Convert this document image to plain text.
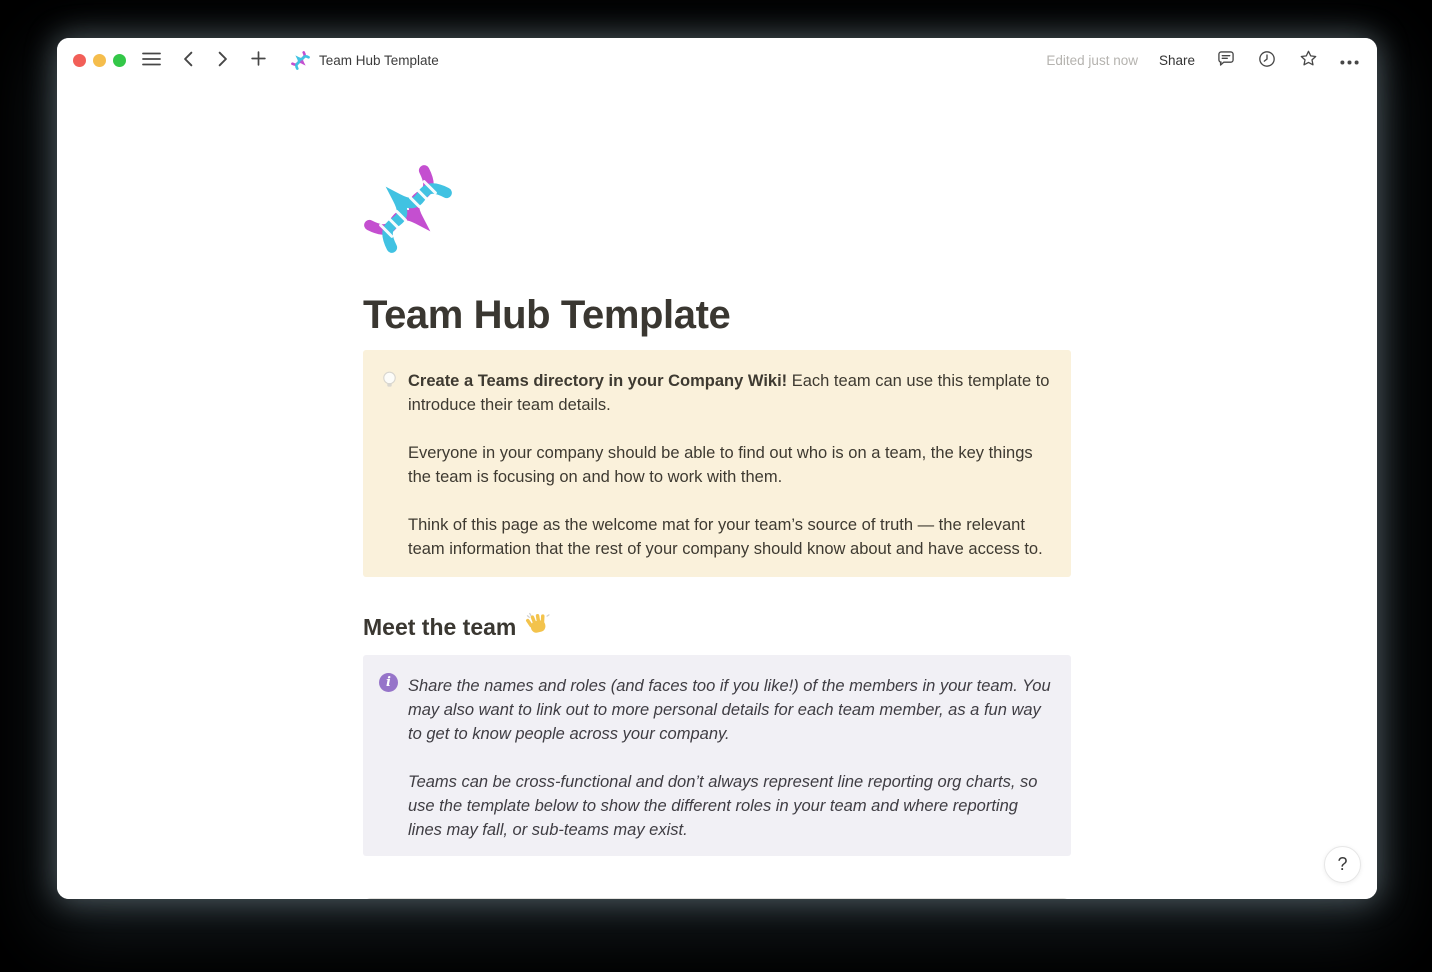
Team Hub Template	Edited just now Share
Team Hub Template

Create a Teams directory in your Company Wiki! Each team can use this template to introduce their team details.

Everyone in your company should be able to find out who is on a team, the key things the team is focusing on and how to work with them.

Think of this page as the welcome mat for your team’s source of truth — the relevant team information that the rest of your company should know about and have access to.

Meet the team
i	Share the names and roles (and faces too if you like!) of the members in your team. You may also want to link out to more personal details for each team member, as a fun way to get to know people across your company.

Teams can be cross-functional and don’t always represent line reporting org charts, so use the template below to show the different roles in your team and where reporting lines may fall, or sub-teams may exist.

?
